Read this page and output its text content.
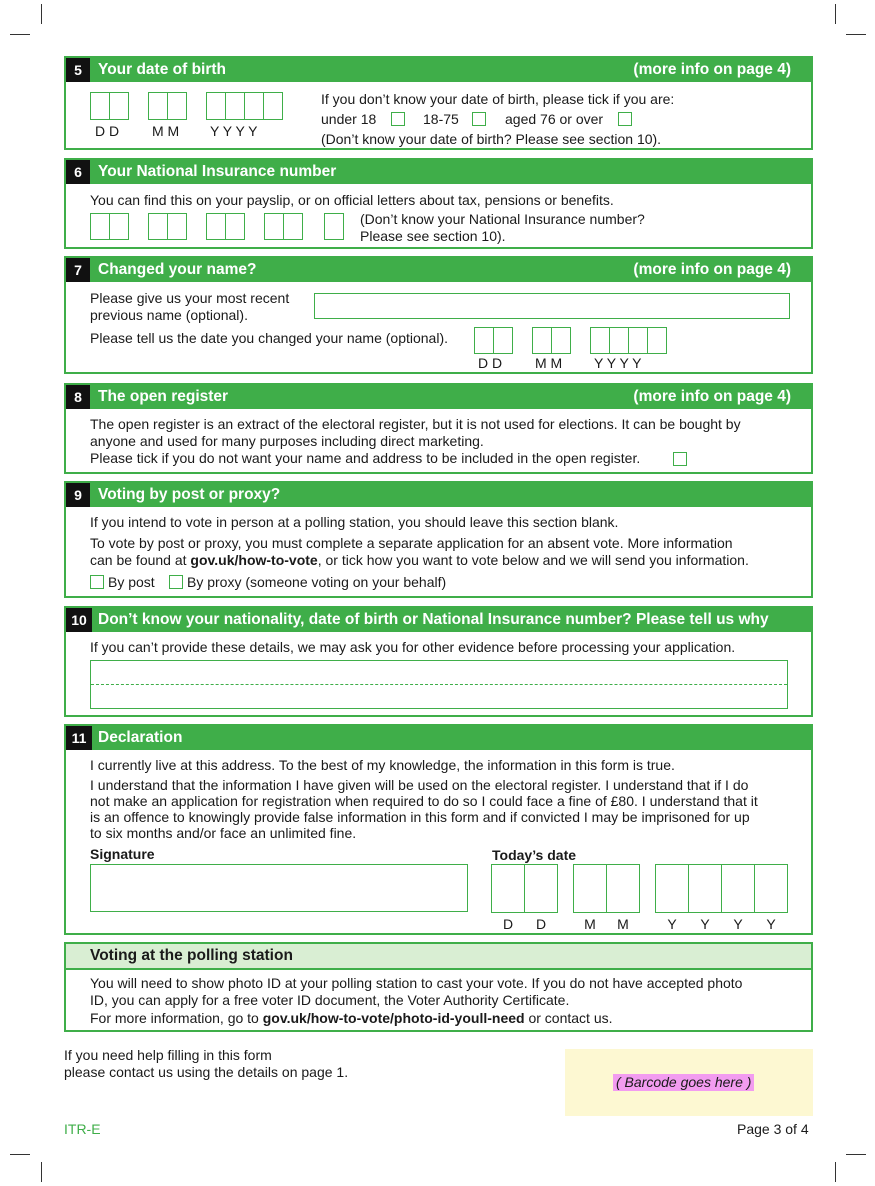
5	Your date of birth	(more info on page 4)
D D M M Y Y Y Y
If you don’t know your date of birth, please tick if you are:
under 18	18-75	aged 76 or over
(Don’t know your date of birth? Please see section 10).
6	Your National Insurance number
You can find this on your payslip, or on official letters about tax, pensions or benefits.
(Don’t know your National Insurance number?
Please see section 10).
7	Changed your name?	(more info on page 4)
Please give us your most recent
previous name (optional).
Please tell us the date you changed your name (optional).
D D M M Y Y Y Y
8	The open register	(more info on page 4)
The open register is an extract of the electoral register, but it is not used for elections. It can be bought by
anyone and used for many purposes including direct marketing.
Please tick if you do not want your name and address to be included in the open register.
9	Voting by post or proxy?
If you intend to vote in person at a polling station, you should leave this section blank.
To vote by post or proxy, you must complete a separate application for an absent vote. More information
can be found at gov.uk/how-to-vote, or tick how you want to vote below and we will send you information.
By post By proxy (someone voting on your behalf)
10 Don’t know your nationality, date of birth or National Insurance number? Please tell us why
If you can’t provide these details, we may ask you for other evidence before processing your application.
11 Declaration
I currently live at this address. To the best of my knowledge, the information in this form is true.
I understand that the information I have given will be used on the electoral register. I understand that if I do
not make an application for registration when required to do so I could face a fine of £80. I understand that it
is an offence to knowingly provide false information in this form and if convicted I may be imprisoned for up
to six months and/or face an unlimited fine.
Signature	Today’s date
D	D	M	M	Y	Y	Y	Y
Voting at the polling station
You will need to show photo ID at your polling station to cast your vote. If you do not have accepted photo
ID, you can apply for a free voter ID document, the Voter Authority Certificate.
For more information, go to gov.uk/how-to-vote/photo-id-youll-need or contact us.
If you need help filling in this form
please contact us using the details on page 1.
( Barcode goes here )
ITR-E	Page 3 of 4
